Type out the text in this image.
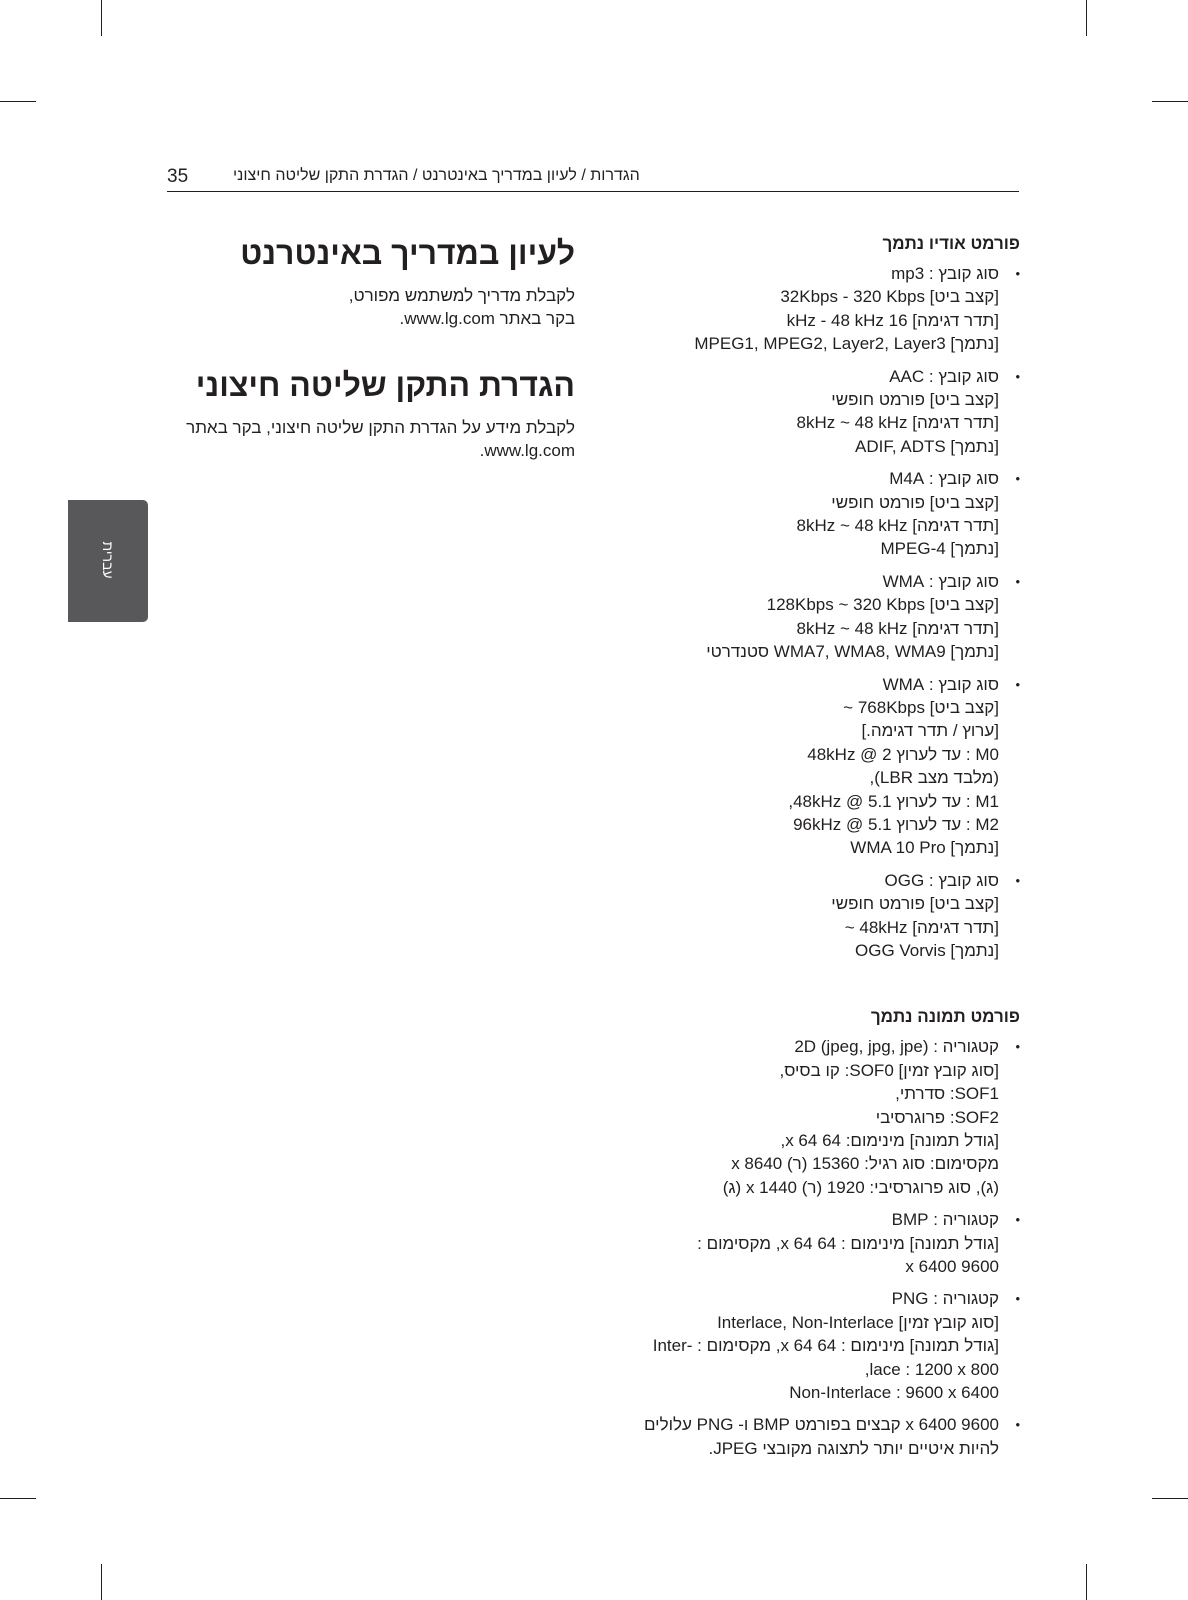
35	הגדרות / לעיון במדריך באינטרנט / הגדרת התקן שליטה חיצוני
עברית
לעיון במדריך באינטרנט

לקבלת מדריך למשתמש מפורט,
בקר באתר www.lg.com.

הגדרת התקן שליטה חיצוני

לקבלת מידע על הגדרת התקן שליטה חיצוני, בקר באתר
www.lg.com.

פורמט אודיו נתמך
•
סוג קובץ : mp3
[קצב ביט] 32Kbps - 320 Kbps
[תדר דגימה] 16 kHz - 48 kHz
[נתמך] MPEG1, MPEG2, Layer2, Layer3
•
סוג קובץ : AAC
[קצב ביט] פורמט חופשי
[תדר דגימה] 8kHz ~ 48 kHz
[נתמך] ADIF, ADTS
•
סוג קובץ : M4A
[קצב ביט] פורמט חופשי
[תדר דגימה] 8kHz ~ 48 kHz
[נתמך] MPEG-4
•
סוג קובץ : WMA
[קצב ביט] 128Kbps ~ 320 Kbps
[תדר דגימה] 8kHz ~ 48 kHz
[נתמך] WMA7, WMA8, WMA9 סטנדרטי
•
סוג קובץ : WMA
[קצב ביט] 768Kbps ~
[ערוץ / תדר דגימה.]
M0 : עד לערוץ 2 @ 48kHz
(מלבד מצב LBR),
M1 : עד לערוץ 5.1 @ 48kHz,
M2 : עד לערוץ 5.1 @ 96kHz
[נתמך] WMA 10 Pro
•
סוג קובץ : OGG
[קצב ביט] פורמט חופשי
[תדר דגימה] 48kHz ~
[נתמך] OGG Vorvis
פורמט תמונה נתמך
•
קטגוריה : 2D (jpeg, jpg, jpe)
[סוג קובץ זמין] SOF0: קו בסיס,
SOF1: סדרתי,
SOF2: פרוגרסיבי
[גודל תמונה] מינימום: 64 x 64,
מקסימום: סוג רגיל: 15360 (ר) x 8640
(ג), סוג פרוגרסיבי: 1920 (ר) x 1440 (ג)
•
קטגוריה : BMP
[גודל תמונה] מינימום : 64 x 64, מקסימום :
9600 x 6400
•
קטגוריה : PNG
[סוג קובץ זמין] Interlace, Non-Interlace
[גודל תמונה] מינימום : 64 x 64, מקסימום : -Inter
lace : 1200 x 800,
Non-Interlace : 9600 x 6400
•
9600 x 6400 קבצים בפורמט BMP ו- PNG עלולים
להיות איטיים יותר לתצוגה מקובצי JPEG.
